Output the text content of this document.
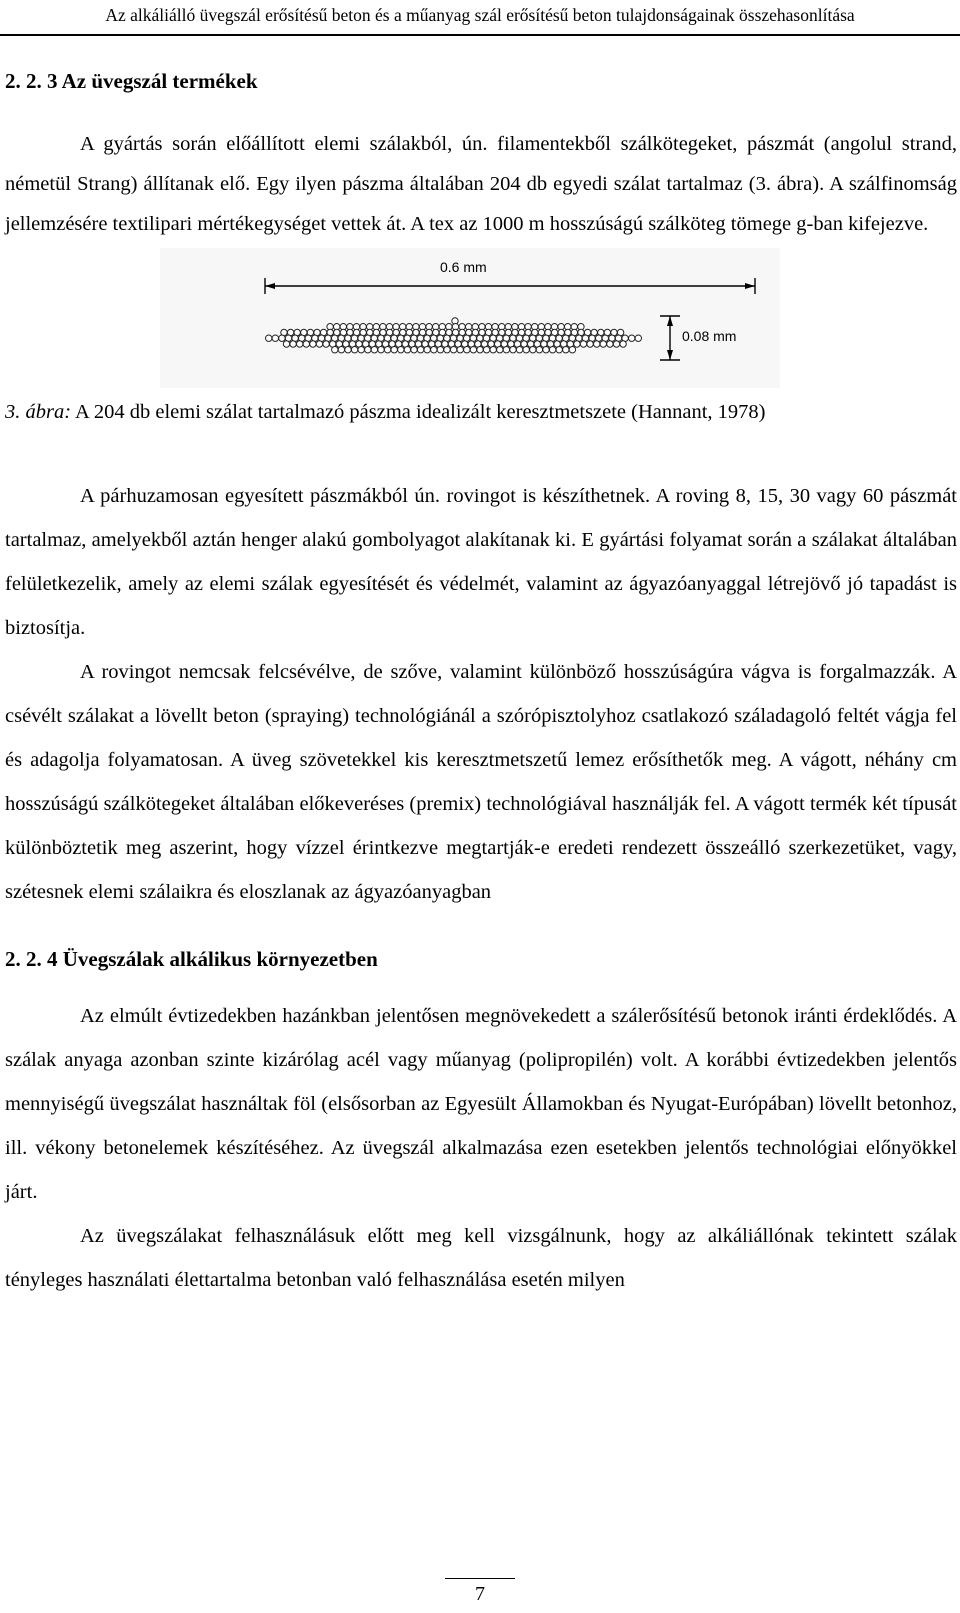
Az alkáliálló üvegszál erősítésű beton és a műanyag szál erősítésű beton tulajdonságainak összehasonlítása
2. 2. 3 Az üvegszál termékek

A gyártás során előállított elemi szálakból, ún. filamentekből szálkötegeket, pászmát (angolul strand, németül Strang) állítanak elő. Egy ilyen pászma általában 204 db egyedi szálat tartalmaz (3. ábra). A szálfinomság jellemzésére textilipari mértékegységet vettek át. A tex az 1000 m hosszúságú szálköteg tömege g-ban kifejezve.

0.6 mm
0.08 mm
3. ábra: A 204 db elemi szálat tartalmazó pászma idealizált keresztmetszete (Hannant, 1978)

A párhuzamosan egyesített pászmákból ún. rovingot is készíthetnek. A roving 8, 15, 30 vagy 60 pászmát tartalmaz, amelyekből aztán henger alakú gombolyagot alakítanak ki. E gyártási folyamat során a szálakat általában felületkezelik, amely az elemi szálak egyesítését és védelmét, valamint az ágyazóanyaggal létrejövő jó tapadást is biztosítja.

A rovingot nemcsak felcsévélve, de szőve, valamint különböző hosszúságúra vágva is forgalmazzák. A csévélt szálakat a lövellt beton (spraying) technológiánál a szórópisztolyhoz csatlakozó száladagoló feltét vágja fel és adagolja folyamatosan. A üveg szövetekkel kis keresztmetszetű lemez erősíthetők meg. A vágott, néhány cm hosszúságú szálkötegeket általában előkeveréses (premix) technológiával használják fel. A vágott termék két típusát különböztetik meg aszerint, hogy vízzel érintkezve megtartják-e eredeti rendezett összeálló szerkezetüket, vagy, szétesnek elemi szálaikra és eloszlanak az ágyazóanyagban

2. 2. 4 Üvegszálak alkálikus környezetben

Az elmúlt évtizedekben hazánkban jelentősen megnövekedett a szálerősítésű betonok iránti érdeklődés. A szálak anyaga azonban szinte kizárólag acél vagy műanyag (polipropilén) volt. A korábbi évtizedekben jelentős mennyiségű üvegszálat használtak föl (elsősorban az Egyesült Államokban és Nyugat-Európában) lövellt betonhoz, ill. vékony betonelemek készítéséhez. Az üvegszál alkalmazása ezen esetekben jelentős technológiai előnyökkel járt.

Az üvegszálakat felhasználásuk előtt meg kell vizsgálnunk, hogy az alkáliállónak tekintett szálak tényleges használati élettartalma betonban való felhasználása esetén milyen

7
